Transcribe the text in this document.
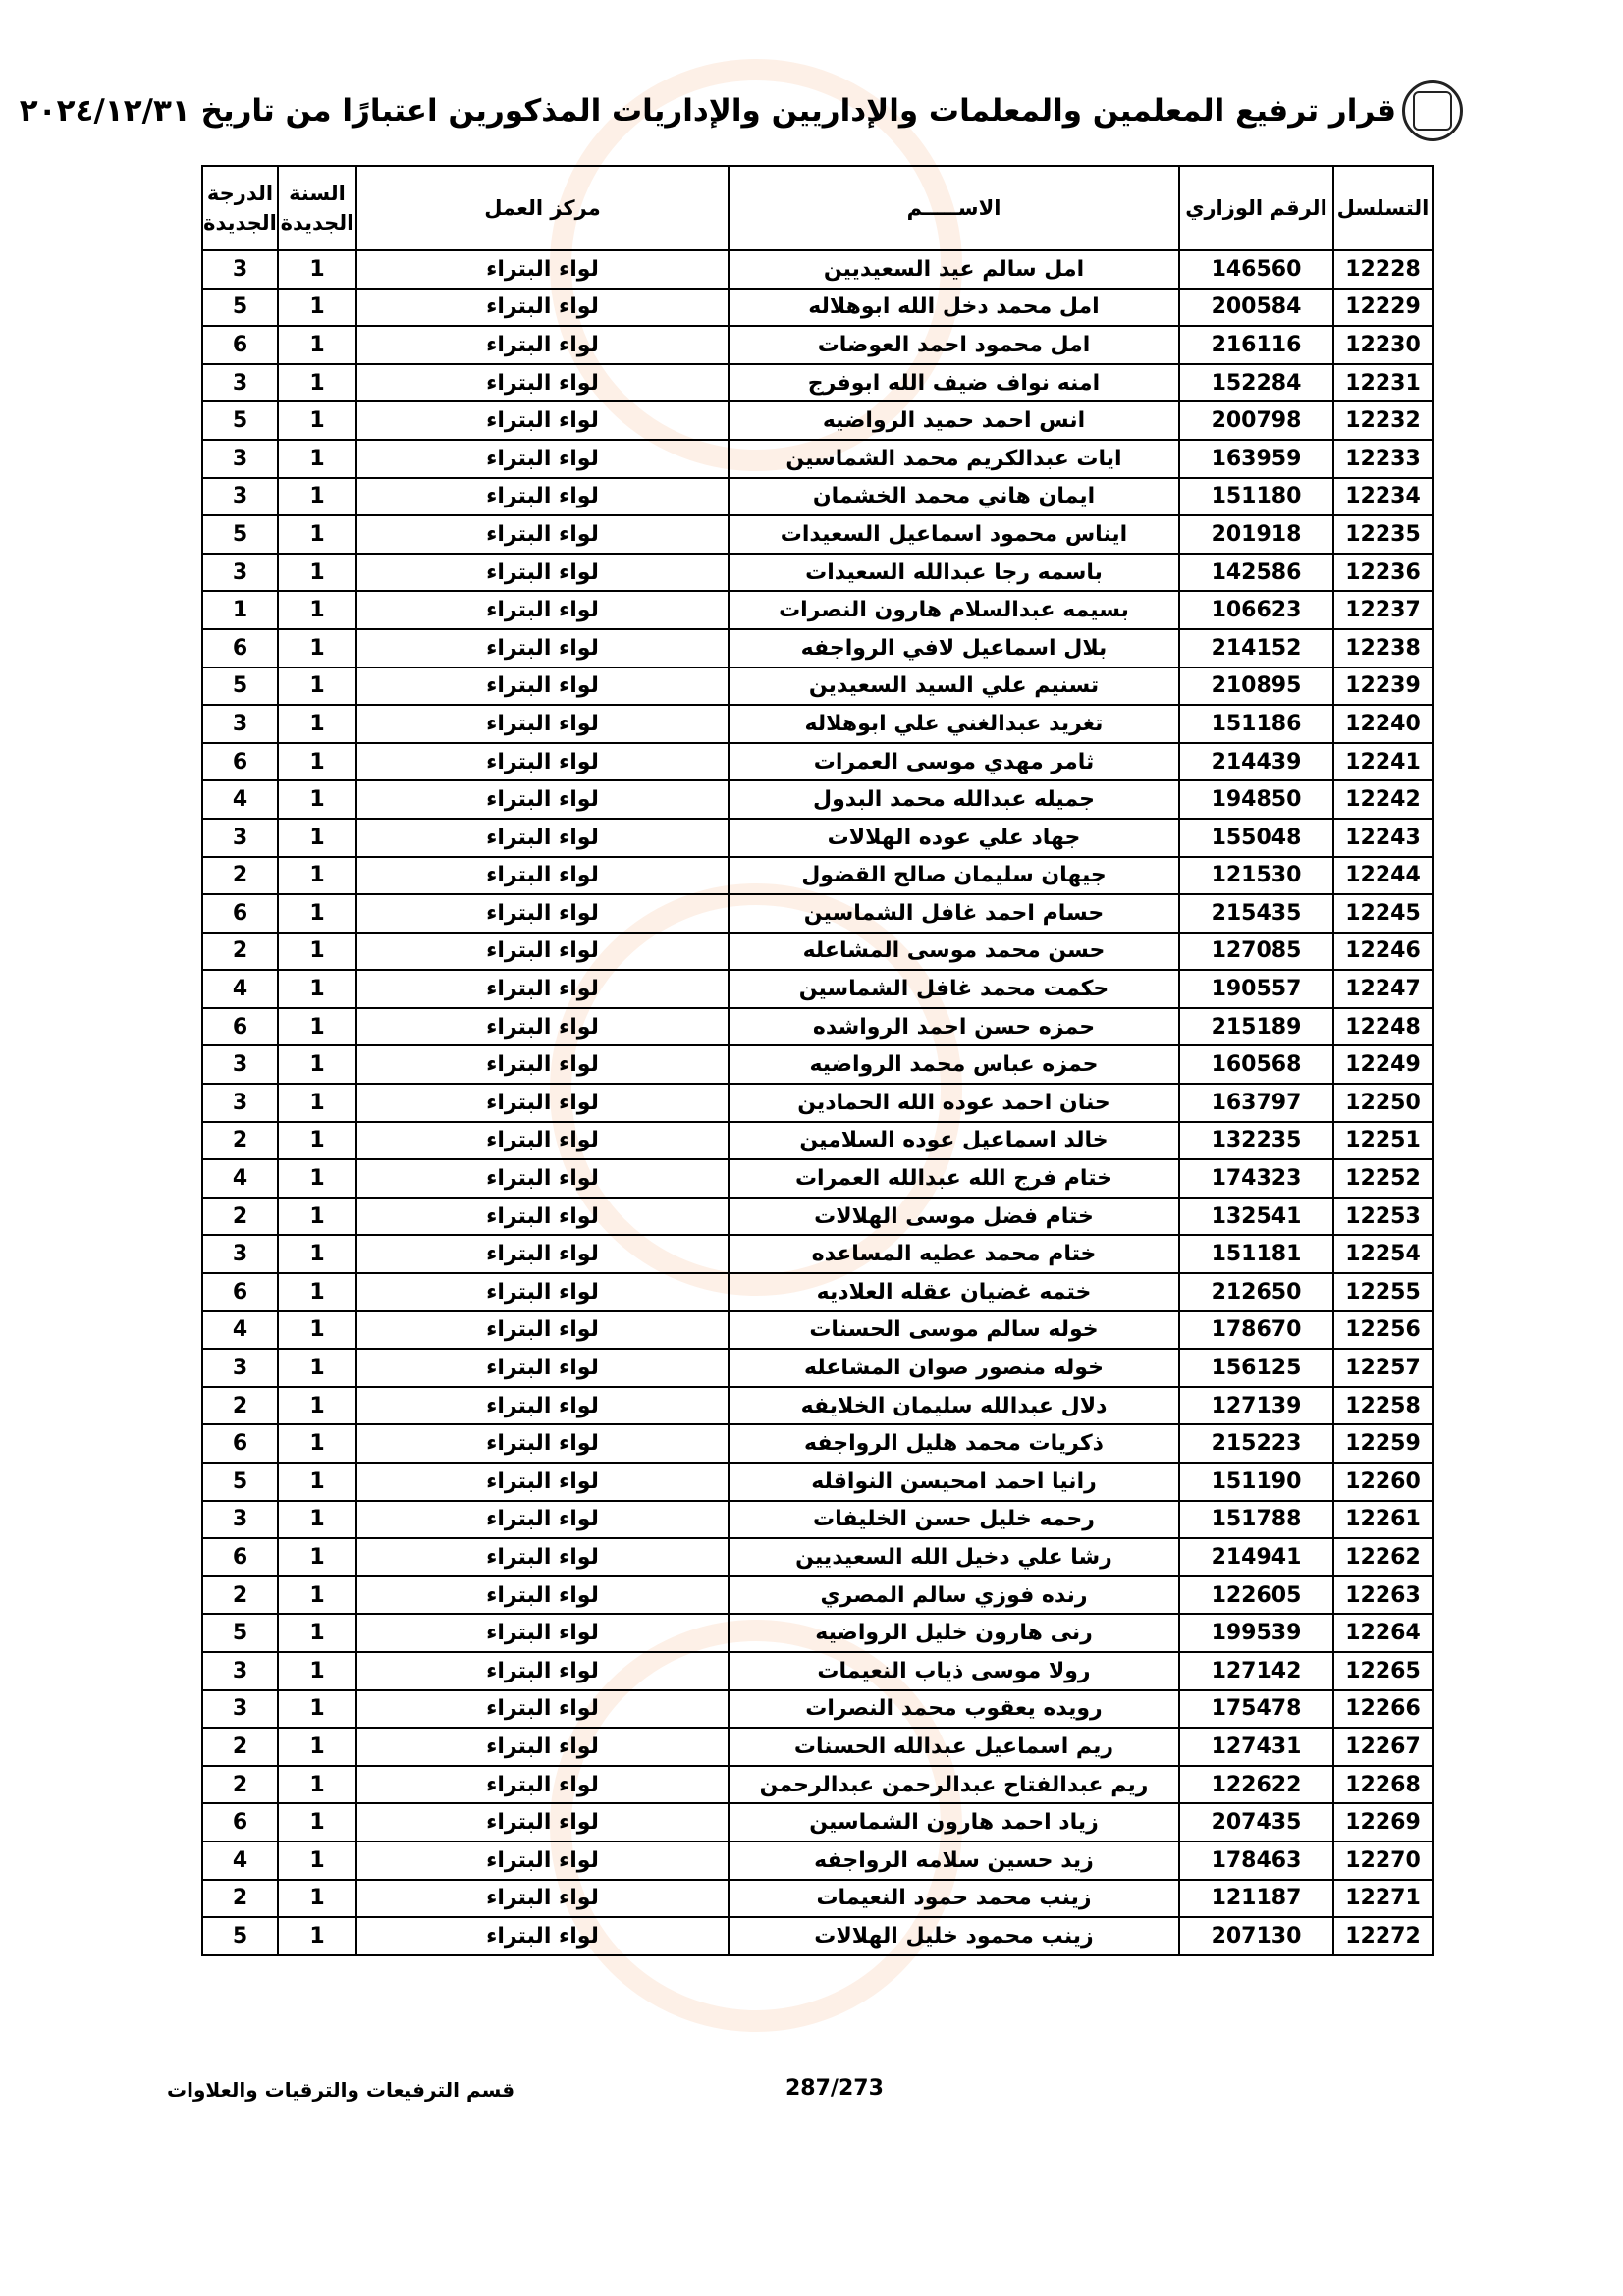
قرار ترفيع المعلمين والمعلمات والإداريين والإداريات المذكورين اعتبارًا من تاريخ ٢٠٢٤/١٢/٣١
التسلسل	الرقم الوزاري	الاســـــم	مركز العمل	السنة الجديدة	الدرجة الجديدة
12228	146560	امل سالم عيد السعيديين	لواء البتراء	1	3
12229	200584	امل محمد دخل الله ابوهلاله	لواء البتراء	1	5
12230	216116	امل محمود احمد العوضات	لواء البتراء	1	6
12231	152284	امنه نواف ضيف الله ابوفرج	لواء البتراء	1	3
12232	200798	انس احمد حميد الرواضيه	لواء البتراء	1	5
12233	163959	ايات عبدالكريم محمد الشماسين	لواء البتراء	1	3
12234	151180	ايمان هاني محمد الخشمان	لواء البتراء	1	3
12235	201918	ايناس محمود اسماعيل السعيدات	لواء البتراء	1	5
12236	142586	باسمه رجا عبدالله السعيدات	لواء البتراء	1	3
12237	106623	بسيمه عبدالسلام هارون النصرات	لواء البتراء	1	1
12238	214152	بلال اسماعيل لافي الرواجفه	لواء البتراء	1	6
12239	210895	تسنيم علي السيد السعيدين	لواء البتراء	1	5
12240	151186	تغريد عبدالغني علي ابوهلاله	لواء البتراء	1	3
12241	214439	ثامر مهدي موسى العمرات	لواء البتراء	1	6
12242	194850	جميله عبدالله محمد البدول	لواء البتراء	1	4
12243	155048	جهاد علي عوده الهلالات	لواء البتراء	1	3
12244	121530	جيهان سليمان صالح القضول	لواء البتراء	1	2
12245	215435	حسام احمد غافل الشماسين	لواء البتراء	1	6
12246	127085	حسن محمد موسى المشاعله	لواء البتراء	1	2
12247	190557	حكمت محمد غافل الشماسين	لواء البتراء	1	4
12248	215189	حمزه حسن احمد الرواشده	لواء البتراء	1	6
12249	160568	حمزه عباس محمد الرواضيه	لواء البتراء	1	3
12250	163797	حنان احمد عوده الله الحمادين	لواء البتراء	1	3
12251	132235	خالد اسماعيل عوده السلامين	لواء البتراء	1	2
12252	174323	ختام فرج الله عبدالله العمرات	لواء البتراء	1	4
12253	132541	ختام فضل موسى الهلالات	لواء البتراء	1	2
12254	151181	ختام محمد عطيه المساعده	لواء البتراء	1	3
12255	212650	ختمه غضيان عقله العلاديه	لواء البتراء	1	6
12256	178670	خوله سالم موسى الحسنات	لواء البتراء	1	4
12257	156125	خوله منصور صوان المشاعله	لواء البتراء	1	3
12258	127139	دلال عبدالله سليمان الخلايفه	لواء البتراء	1	2
12259	215223	ذكريات محمد هليل الرواجفه	لواء البتراء	1	6
12260	151190	رانيا احمد امحيسن النواقله	لواء البتراء	1	5
12261	151788	رحمه خليل حسن الخليفات	لواء البتراء	1	3
12262	214941	رشا علي دخيل الله السعيديين	لواء البتراء	1	6
12263	122605	رنده فوزي سالم المصري	لواء البتراء	1	2
12264	199539	رنى هارون خليل الرواضيه	لواء البتراء	1	5
12265	127142	رولا موسى ذياب النعيمات	لواء البتراء	1	3
12266	175478	رويده يعقوب محمد النصرات	لواء البتراء	1	3
12267	127431	ريم اسماعيل عبدالله الحسنات	لواء البتراء	1	2
12268	122622	ريم عبدالفتاح عبدالرحمن عبدالرحمن	لواء البتراء	1	2
12269	207435	زياد احمد هارون الشماسين	لواء البتراء	1	6
12270	178463	زيد حسين سلامه الرواجفه	لواء البتراء	1	4
12271	121187	زينب محمد حمود النعيمات	لواء البتراء	1	2
12272	207130	زينب محمود خليل الهلالات	لواء البتراء	1	5
287/273
قسم الترفيعات والترقيات والعلاوات
